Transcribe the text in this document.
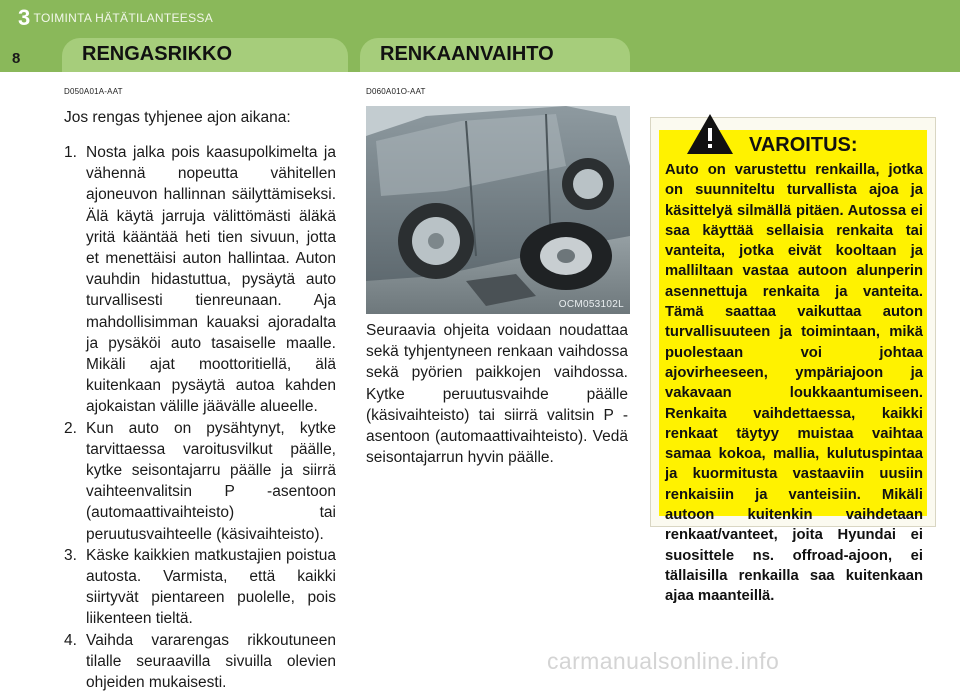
3 TOIMINTA HÄTÄTILANTEESSA
8	RENGASRIKKO	RENKAANVAIHTO
D050A01A-AAT	D060A01O-AAT
Jos rengas tyhjenee ajon aikana:
1. Nosta jalka pois kaasupolkimelta ja vähennä nopeutta vähitellen ajoneuvon hallinnan säilyttämiseksi. Älä käytä jarruja välittömästi äläkä yritä kääntää heti tien sivuun, jotta et menettäisi auton hallintaa. Auton vauhdin hidastuttua, pysäytä auto turvallisesti tienreunaan. Aja mahdollisimman kauaksi ajoradalta ja pysäköi auto tasaiselle maalle. Mikäli ajat moottoritiellä, älä kuitenkaan pysäytä autoa kahden ajokaistan välille jäävälle alueelle.
2. Kun auto on pysähtynyt, kytke tarvittaessa varoitusvilkut päälle, kytke seisontajarru päälle ja siirrä vaihteenvalitsin P -asentoon (automaattivaihteisto) tai peruutusvaihteelle (käsivaihteisto).
3. Käske kaikkien matkustajien poistua autosta. Varmista, että kaikki siirtyvät pientareen puolelle, pois liikenteen tieltä.
4. Vaihda vararengas rikkoutuneen tilalle seuraavilla sivuilla olevien ohjeiden mukaisesti.
OCM053102L
Seuraavia ohjeita voidaan noudattaa sekä tyhjentyneen renkaan vaihdossa sekä pyörien paikkojen vaihdossa. Kytke peruutusvaihde päälle (käsivaihteisto) tai siirrä valitsin P -asentoon (automaattivaihteisto). Vedä seisontajarrun hyvin päälle.
VAROITUS:
Auto on varustettu renkailla, jotka on suunniteltu turvallista ajoa ja käsittelyä silmällä pitäen. Autossa ei saa käyttää sellaisia renkaita tai vanteita, jotka eivät kooltaan ja malliltaan vastaa autoon alunperin asennettuja renkaita ja vanteita. Tämä saattaa vaikuttaa auton turvallisuuteen ja toimintaan, mikä puolestaan voi johtaa ajovirheeseen, ympäriajoon ja vakavaan loukkaantumiseen. Renkaita vaihdettaessa, kaikki renkaat täytyy muistaa vaihtaa samaa kokoa, mallia, kulutuspintaa ja kuormitusta vastaaviin uusiin renkaisiin ja vanteisiin. Mikäli autoon kuitenkin vaihdetaan renkaat/vanteet, joita Hyundai ei suosittele ns. offroad-ajoon, ei tällaisilla renkailla saa kuitenkaan ajaa maanteillä.
carmanualsonline.info
